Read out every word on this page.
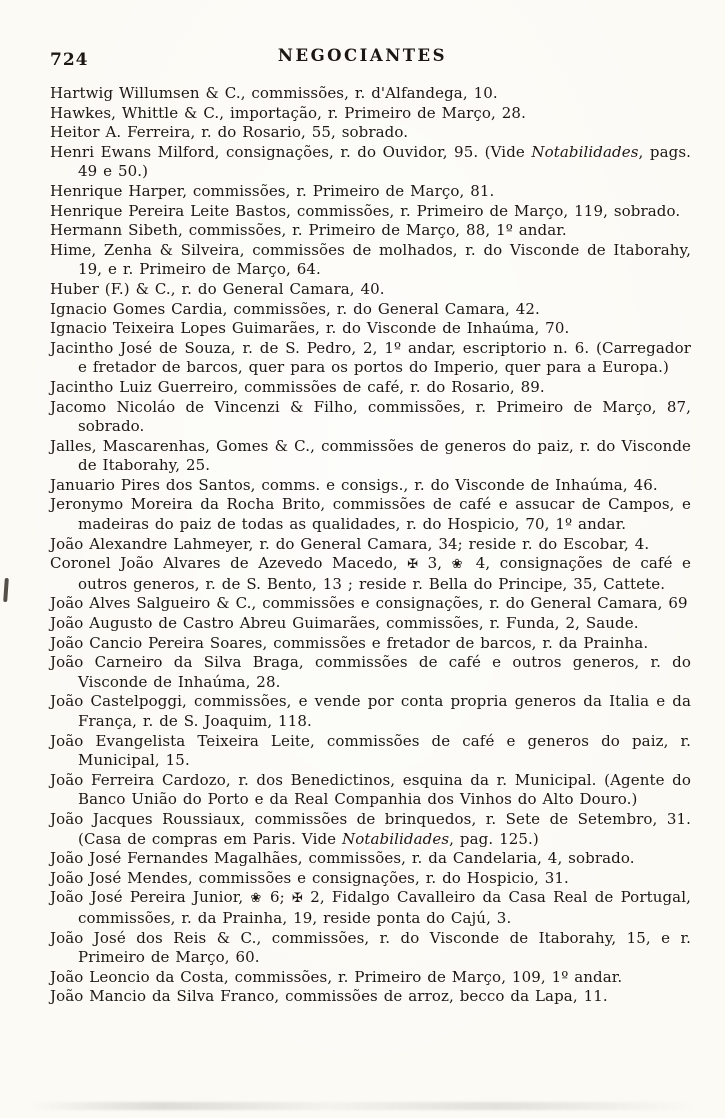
724	NEGOCIANTES

Hartwig Willumsen & C., commissões, r. d'Alfandega, 10.

Hawkes, Whittle & C., importação, r. Primeiro de Março, 28.

Heitor A. Ferreira, r. do Rosario, 55, sobrado.

Henri Ewans Milford, consignações, r. do Ouvidor, 95. (Vide Notabilidades, pags. 49 e 50.)

Henrique Harper, commissões, r. Primeiro de Março, 81.

Henrique Pereira Leite Bastos, commissões, r. Primeiro de Março, 119, sobrado.

Hermann Sibeth, commissões, r. Primeiro de Março, 88, 1º andar.

Hime, Zenha & Silveira, commissões de molhados, r. do Visconde de Itaborahy, 19, e r. Primeiro de Março, 64.

Huber (F.) & C., r. do General Camara, 40.

Ignacio Gomes Cardia, commissões, r. do General Camara, 42.

Ignacio Teixeira Lopes Guimarães, r. do Visconde de Inhaúma, 70.

Jacintho José de Souza, r. de S. Pedro, 2, 1º andar, escriptorio n. 6. (Carregador e fretador de barcos, quer para os portos do Imperio, quer para a Europa.)

Jacintho Luiz Guerreiro, commissões de café, r. do Rosario, 89.

Jacomo Nicoláo de Vincenzi & Filho, commissões, r. Primeiro de Março, 87, sobrado.

Jalles, Mascarenhas, Gomes & C., commissões de generos do paiz, r. do Visconde de Itaborahy, 25.

Januario Pires dos Santos, comms. e consigs., r. do Visconde de Inhaúma, 46.

Jeronymo Moreira da Rocha Brito, commissões de café e assucar de Campos, e madeiras do paiz de todas as qualidades, r. do Hospicio, 70, 1º andar.

João Alexandre Lahmeyer, r. do General Camara, 34; reside r. do Escobar, 4.

Coronel João Alvares de Azevedo Macedo, ✠ 3, ❀ 4, consignações de café e outros generos, r. de S. Bento, 13 ; reside r. Bella do Principe, 35, Cattete.

João Alves Salgueiro & C., commissões e consignações, r. do General Camara, 69

João Augusto de Castro Abreu Guimarães, commissões, r. Funda, 2, Saude.

João Cancio Pereira Soares, commissões e fretador de barcos, r. da Prainha.

João Carneiro da Silva Braga, commissões de café e outros generos, r. do Visconde de Inhaúma, 28.

João Castelpoggi, commissões, e vende por conta propria generos da Italia e da França, r. de S. Joaquim, 118.

João Evangelista Teixeira Leite, commissões de café e generos do paiz, r. Municipal, 15.

João Ferreira Cardozo, r. dos Benedictinos, esquina da r. Municipal. (Agente do Banco União do Porto e da Real Companhia dos Vinhos do Alto Douro.)

João Jacques Roussiaux, commissões de brinquedos, r. Sete de Setembro, 31. (Casa de compras em Paris. Vide Notabilidades, pag. 125.)

João José Fernandes Magalhães, commissões, r. da Candelaria, 4, sobrado.

João José Mendes, commissões e consignações, r. do Hospicio, 31.

João José Pereira Junior, ❀ 6; ✠ 2, Fidalgo Cavalleiro da Casa Real de Portugal, commissões, r. da Prainha, 19, reside ponta do Cajú, 3.

João José dos Reis & C., commissões, r. do Visconde de Itaborahy, 15, e r. Primeiro de Março, 60.

João Leoncio da Costa, commissões, r. Primeiro de Março, 109, 1º andar.

João Mancio da Silva Franco, commissões de arroz, becco da Lapa, 11.
